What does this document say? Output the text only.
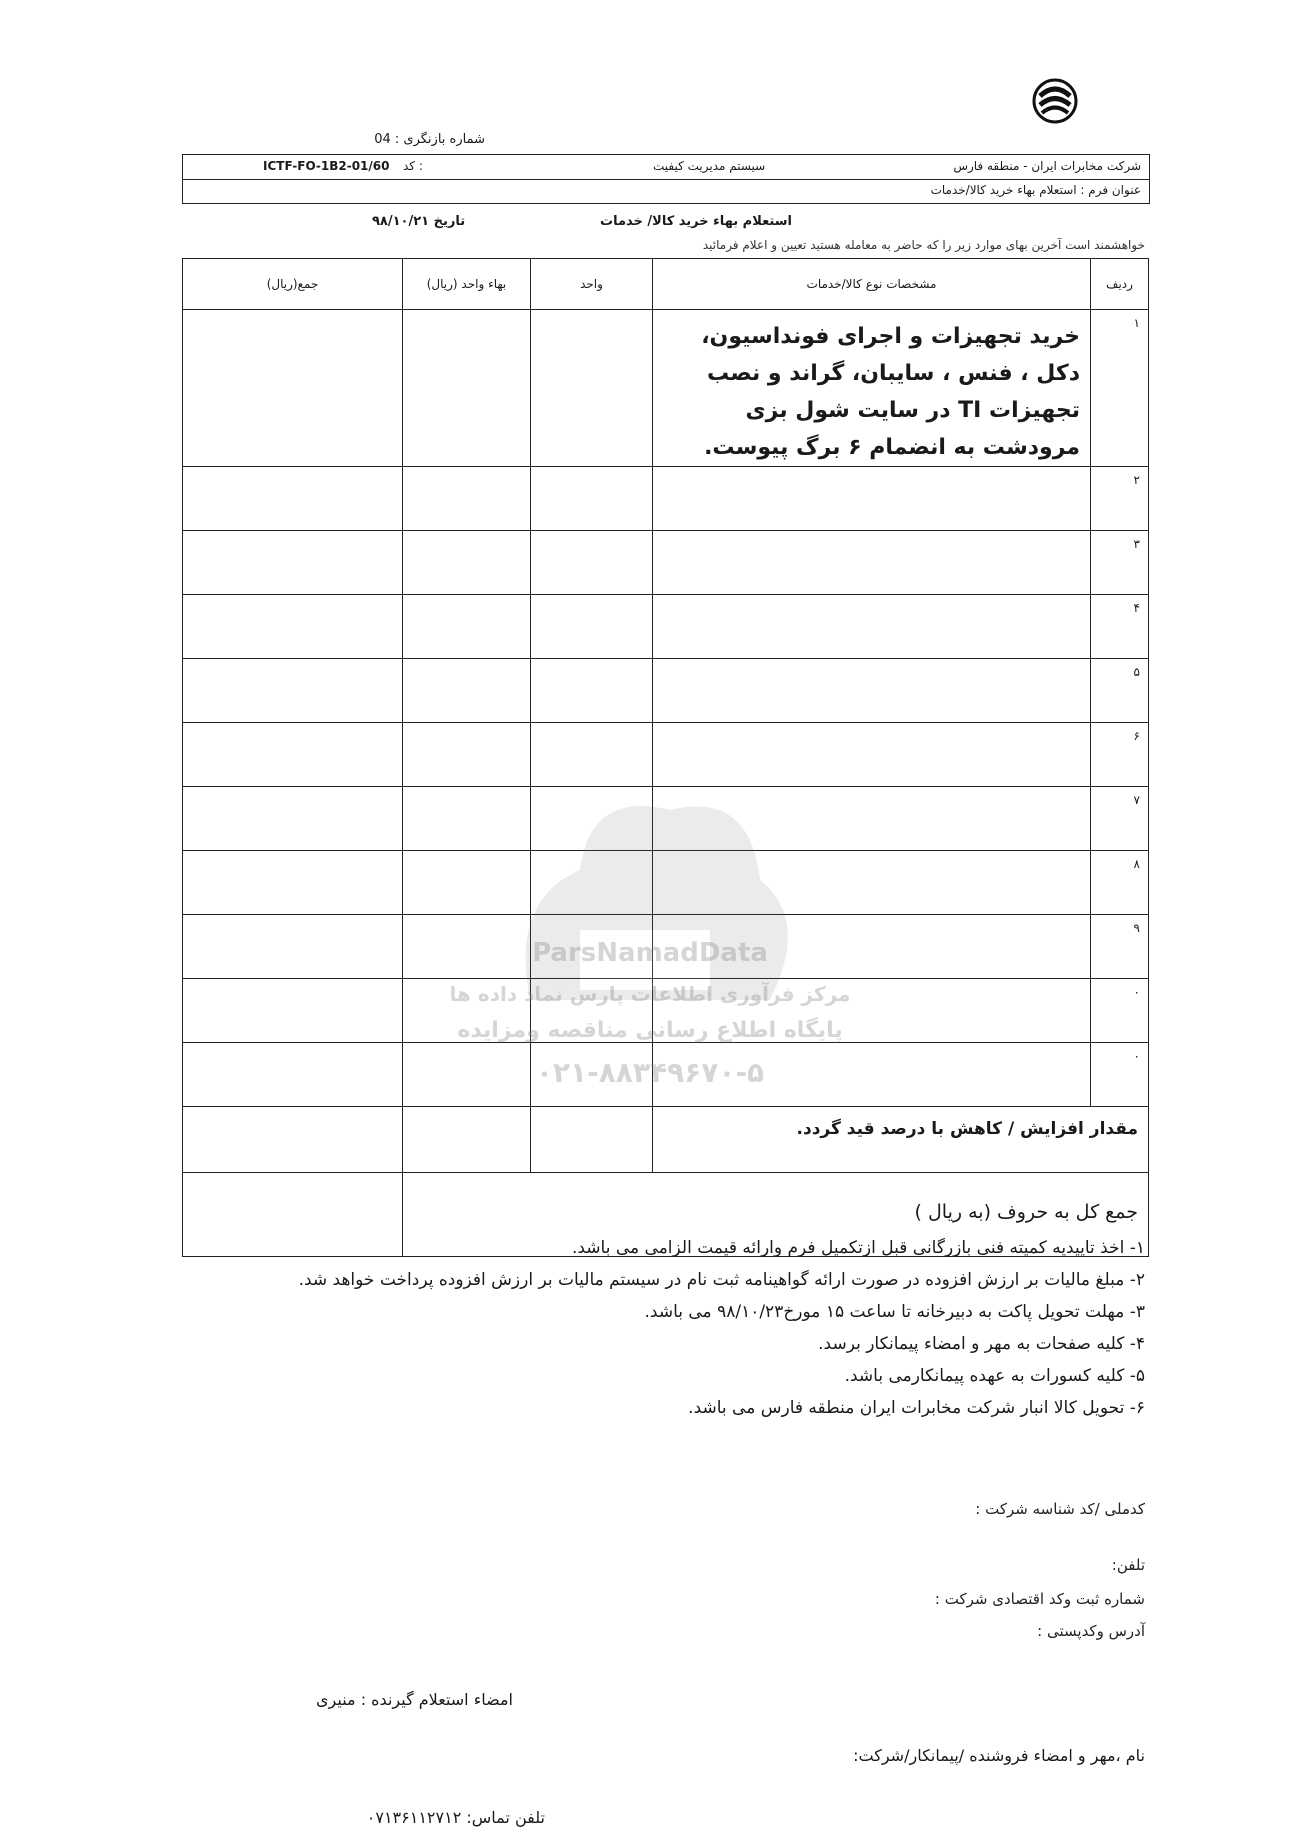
شماره بازنگری : 04
شرکت مخابرات ایران - منطقه فارس
سیستم مدیریت کیفیت
کد :
ICTF-FO-1B2-01/60
عنوان فرم : استعلام بهاء خرید کالا/خدمات
استعلام بهاء خرید کالا/ خدمات
تاریخ ۹۸/۱۰/۲۱
خواهشمند است آخرین بهای موارد زیر را که حاضر به معامله هستید تعیین و اعلام فرمائید
جمع(ریال)	بهاء واحد (ریال)	واحد	مشخصات نوع کالا/خدمات	ردیف
			خرید تجهیزات و اجرای فونداسیون، دکل ، فنس ، سایبان، گراند و نصب تجهیزات TI در سایت شول بزی مرودشت به انضمام ۶ برگ پیوست.	۱
				۲
				۳
				۴
				۵
				۶
				۷
				۸
				۹
				۰
				۰
			مقدار افزایش / کاهش با درصد قید گردد.	
	جمع کل به حروف (به ریال )			
ParsNamadData
مرکز فرآوری اطلاعات پارس نماد داده ها
پایگاه اطلاع رسانی مناقصه ومزایده
۰۲۱-۸۸۳۴۹۶۷۰-۵
۱- اخذ تاییدیه کمیته فنی بازرگانی قبل ازتکمیل فرم وارائه قیمت الزامی می باشد.
۲- مبلغ مالیات بر ارزش افزوده در صورت ارائه گواهینامه ثبت نام در سیستم مالیات بر ارزش افزوده پرداخت خواهد شد.
۳- مهلت تحویل پاکت به دبیرخانه تا ساعت ۱۵ مورخ۹۸/۱۰/۲۳ می باشد.
۴- کلیه صفحات به مهر و امضاء پیمانکار برسد.
۵- کلیه کسورات به عهده پیمانکارمی باشد.
۶- تحویل کالا انبار شرکت مخابرات ایران منطقه فارس می باشد.
کدملی /کد شناسه شرکت :
تلفن:
شماره ثبت وکد اقتصادی شرکت :
آدرس وکدپستی :
امضاء استعلام گیرنده : منیری
نام ،مهر و امضاء فروشنده /پیمانکار/شرکت:
تلفن تماس: ۰۷۱۳۶۱۱۲۷۱۲
